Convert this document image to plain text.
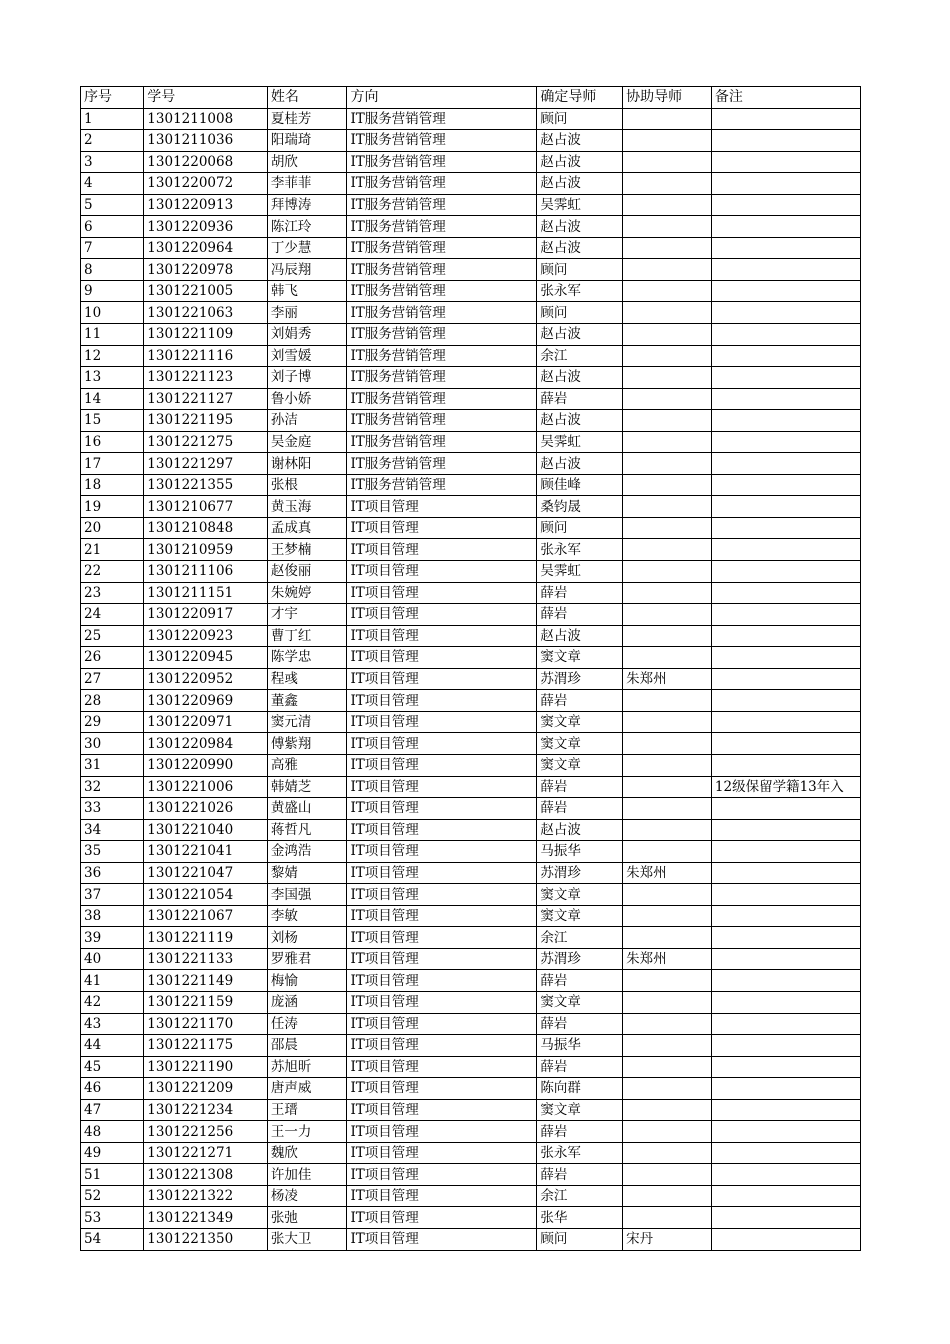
序号	学号	姓名	方向	确定导师	协助导师	备注
1	1301211008	夏桂芳	IT服务营销管理	顾问		
2	1301211036	阳瑞琦	IT服务营销管理	赵占波		
3	1301220068	胡欣	IT服务营销管理	赵占波		
4	1301220072	李菲菲	IT服务营销管理	赵占波		
5	1301220913	拜博涛	IT服务营销管理	吴霁虹		
6	1301220936	陈江玲	IT服务营销管理	赵占波		
7	1301220964	丁少慧	IT服务营销管理	赵占波		
8	1301220978	冯辰翔	IT服务营销管理	顾问		
9	1301221005	韩飞	IT服务营销管理	张永军		
10	1301221063	李丽	IT服务营销管理	顾问		
11	1301221109	刘娟秀	IT服务营销管理	赵占波		
12	1301221116	刘雪媛	IT服务营销管理	余江		
13	1301221123	刘子博	IT服务营销管理	赵占波		
14	1301221127	鲁小娇	IT服务营销管理	薛岩		
15	1301221195	孙洁	IT服务营销管理	赵占波		
16	1301221275	吴金庭	IT服务营销管理	吴霁虹		
17	1301221297	谢林阳	IT服务营销管理	赵占波		
18	1301221355	张根	IT服务营销管理	顾佳峰		
19	1301210677	黄玉海	IT项目管理	桑钧晟		
20	1301210848	孟成真	IT项目管理	顾问		
21	1301210959	王梦楠	IT项目管理	张永军		
22	1301211106	赵俊丽	IT项目管理	吴霁虹		
23	1301211151	朱婉婷	IT项目管理	薛岩		
24	1301220917	才宇	IT项目管理	薛岩		
25	1301220923	曹丁红	IT项目管理	赵占波		
26	1301220945	陈学忠	IT项目管理	窦文章		
27	1301220952	程彧	IT项目管理	苏渭珍	朱郑州	
28	1301220969	董鑫	IT项目管理	薛岩		
29	1301220971	窦元清	IT项目管理	窦文章		
30	1301220984	傅紫翔	IT项目管理	窦文章		
31	1301220990	高雅	IT项目管理	窦文章		
32	1301221006	韩婧芝	IT项目管理	薛岩		12级保留学籍13年入
33	1301221026	黄盛山	IT项目管理	薛岩		
34	1301221040	蒋哲凡	IT项目管理	赵占波		
35	1301221041	金鸿浩	IT项目管理	马振华		
36	1301221047	黎婧	IT项目管理	苏渭珍	朱郑州	
37	1301221054	李国强	IT项目管理	窦文章		
38	1301221067	李敏	IT项目管理	窦文章		
39	1301221119	刘杨	IT项目管理	余江		
40	1301221133	罗雅君	IT项目管理	苏渭珍	朱郑州	
41	1301221149	梅愉	IT项目管理	薛岩		
42	1301221159	庞涵	IT项目管理	窦文章		
43	1301221170	任涛	IT项目管理	薛岩		
44	1301221175	邵晨	IT项目管理	马振华		
45	1301221190	苏旭昕	IT项目管理	薛岩		
46	1301221209	唐声威	IT项目管理	陈向群		
47	1301221234	王瑨	IT项目管理	窦文章		
48	1301221256	王一力	IT项目管理	薛岩		
49	1301221271	魏欣	IT项目管理	张永军		
51	1301221308	许加佳	IT项目管理	薛岩		
52	1301221322	杨凌	IT项目管理	余江		
53	1301221349	张弛	IT项目管理	张华		
54	1301221350	张大卫	IT项目管理	顾问	宋丹	
